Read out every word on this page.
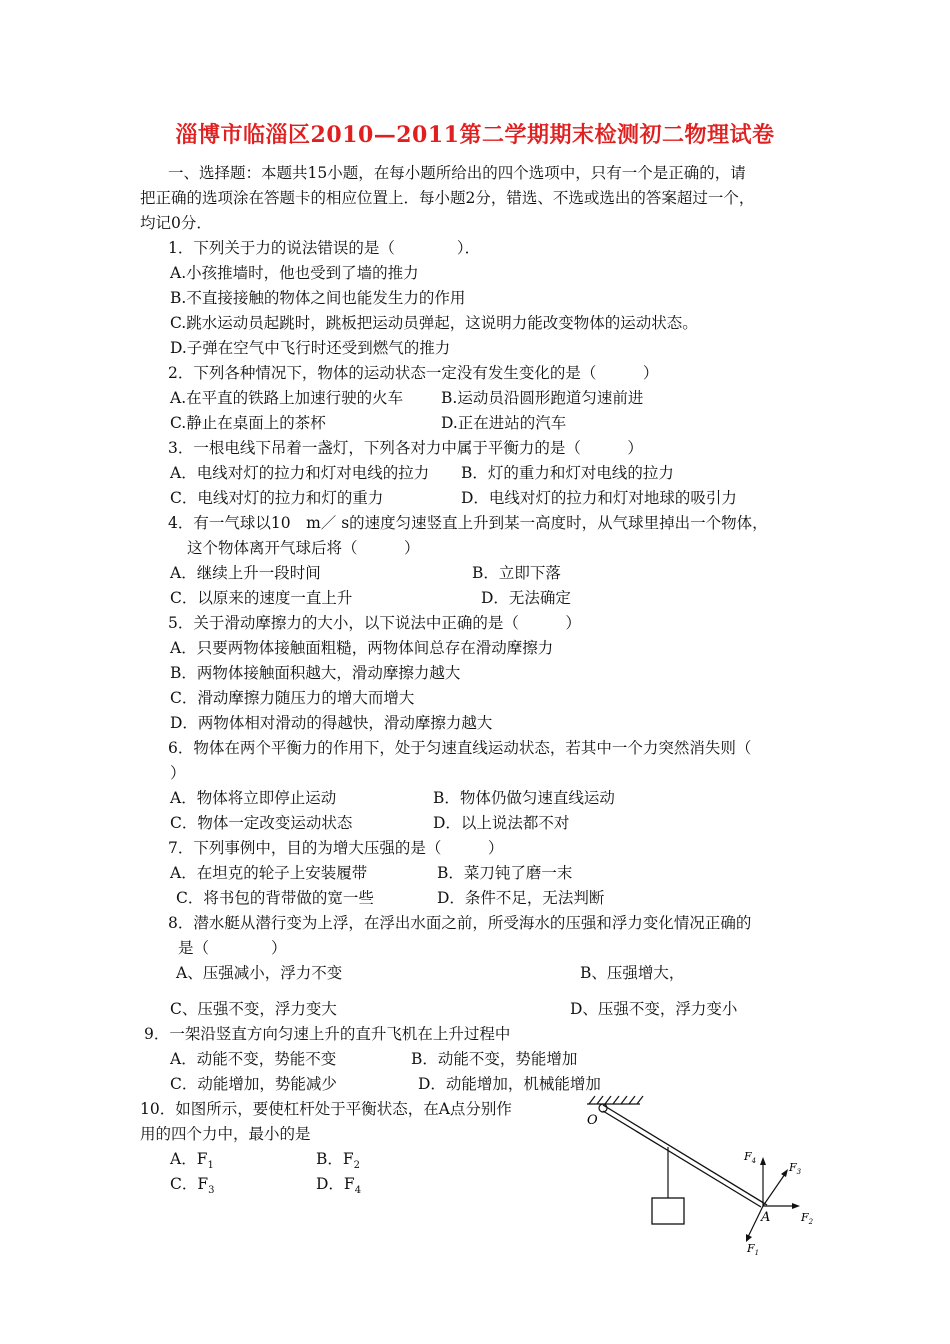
淄博市临淄区2010—2011第二学期期末检测初二物理试卷
一、选择题：本题共15小题，在每小题所给出的四个选项中，只有一个是正确的，请
把正确的选项涂在答题卡的相应位置上．每小题2分，错选、不选或选出的答案超过一个，
均记0分．
1．下列关于力的说法错误的是（　　　　）．
A.小孩推墙时，他也受到了墙的推力
B.不直接接触的物体之间也能发生力的作用
C.跳水运动员起跳时，跳板把运动员弹起，这说明力能改变物体的运动状态。
D.子弹在空气中飞行时还受到燃气的推力
2．下列各种情况下，物体的运动状态一定没有发生变化的是（　　　）
A.在平直的铁路上加速行驶的火车 B.运动员沿圆形跑道匀速前进
C.静止在桌面上的茶杯	D.正在进站的汽车
3．一根电线下吊着一盏灯，下列各对力中属于平衡力的是（　　　）
A．电线对灯的拉力和灯对电线的拉力 B．灯的重力和灯对电线的拉力
C．电线对灯的拉力和灯的重力	D．电线对灯的拉力和灯对地球的吸引力
4．有一气球以10　m／ s的速度匀速竖直上升到某一高度时，从气球里掉出一个物体，
这个物体离开气球后将（　　　）
A．继续上升一段时间	B．立即下落
C．以原来的速度一直上升	D．无法确定
5．关于滑动摩擦力的大小，以下说法中正确的是（　　　）
A．只要两物体接触面粗糙，两物体间总存在滑动摩擦力
B．两物体接触面积越大，滑动摩擦力越大
C．滑动摩擦力随压力的增大而增大
D．两物体相对滑动的得越快，滑动摩擦力越大
6．物体在两个平衡力的作用下，处于匀速直线运动状态，若其中一个力突然消失则（
）
A．物体将立即停止运动	B．物体仍做匀速直线运动
C．物体一定改变运动状态	D．以上说法都不对
7．下列事例中，目的为增大压强的是（　　　）
A．在坦克的轮子上安装履带	B．菜刀钝了磨一末
C．将书包的背带做的宽一些	D．条件不足，无法判断
8．潜水艇从潜行变为上浮，在浮出水面之前，所受海水的压强和浮力变化情况正确的
是（　　　　）
A、压强减小，浮力不变	B、压强增大，
C、压强不变，浮力变大	D、压强不变，浮力变小
9．一架沿竖直方向匀速上升的直升飞机在上升过程中
A．动能不变，势能不变	B．动能不变，势能增加
C．动能增加，势能减少	D．动能增加，机械能增加
10．如图所示，要使杠杆处于平衡状态，在A点分别作
用的四个力中，最小的是
A．$F_1$	B．$F_2$
C．$F_3$	D．$F_4$
O
A
$F_4$	$F_3$
$F_2$
$F_1$
